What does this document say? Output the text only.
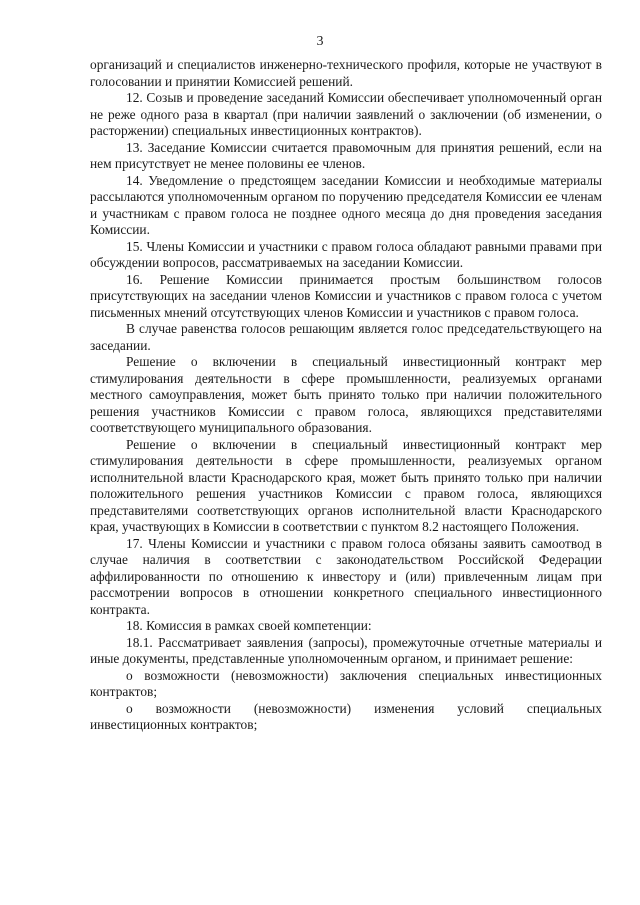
3

организаций и специалистов инженерно-технического профиля, которые не участвуют в голосовании и принятии Комиссией решений.

12. Созыв и проведение заседаний Комиссии обеспечивает уполномоченный орган не реже одного раза в квартал (при наличии заявлений о заключении (об изменении, о расторжении) специальных инвестиционных контрактов).

13. Заседание Комиссии считается правомочным для принятия решений, если на нем присутствует не менее половины ее членов.

14. Уведомление о предстоящем заседании Комиссии и необходимые материалы рассылаются уполномоченным органом по поручению председателя Комиссии ее членам и участникам с правом голоса не позднее одного месяца до дня проведения заседания Комиссии.

15. Члены Комиссии и участники с правом голоса обладают равными правами при обсуждении вопросов, рассматриваемых на заседании Комиссии.

16. Решение Комиссии принимается простым большинством голосов присутствующих на заседании членов Комиссии и участников с правом голоса с учетом письменных мнений отсутствующих членов Комиссии и участников с правом голоса.

В случае равенства голосов решающим является голос председательствующего на заседании.

Решение о включении в специальный инвестиционный контракт мер стимулирования деятельности в сфере промышленности, реализуемых органами местного самоуправления, может быть принято только при наличии положительного решения участников Комиссии с правом голоса, являющихся представителями соответствующего муниципального образования.

Решение о включении в специальный инвестиционный контракт мер стимулирования деятельности в сфере промышленности, реализуемых органом исполнительной власти Краснодарского края, может быть принято только при наличии положительного решения участников Комиссии с правом голоса, являющихся представителями соответствующих органов исполнительной власти Краснодарского края, участвующих в Комиссии в соответствии с пунктом 8.2 настоящего Положения.

17. Члены Комиссии и участники с правом голоса обязаны заявить самоотвод в случае наличия в соответствии с законодательством Российской Федерации аффилированности по отношению к инвестору и (или) привлеченным лицам при рассмотрении вопросов в отношении конкретного специального инвестиционного контракта.

18. Комиссия в рамках своей компетенции:

18.1. Рассматривает заявления (запросы), промежуточные отчетные материалы и иные документы, представленные уполномоченным органом, и принимает решение:

о возможности (невозможности) заключения специальных инвестиционных контрактов;

о возможности (невозможности) изменения условий специальных инвестиционных контрактов;
